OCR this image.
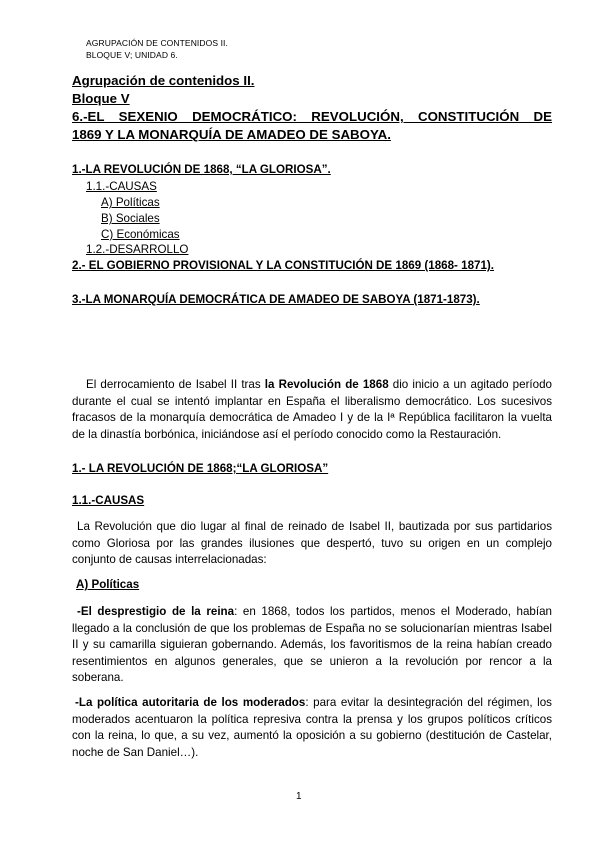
AGRUPACIÓN DE CONTENIDOS II.
BLOQUE V; UNIDAD 6.
Agrupación de contenidos II.
Bloque V
6.-EL SEXENIO DEMOCRÁTICO: REVOLUCIÓN, CONSTITUCIÓN DE
1869 Y LA MONARQUÍA DE AMADEO DE SABOYA.
1.-LA REVOLUCIÓN DE 1868, “LA GLORIOSA”.
1.1.-CAUSAS
A) Políticas
B) Sociales
C) Económicas
1.2.-DESARROLLO
2.- EL GOBIERNO PROVISIONAL Y LA CONSTITUCIÓN DE 1869 (1868- 1871).
3.-LA MONARQUÍA DEMOCRÁTICA DE AMADEO DE SABOYA (1871-1873).
El derrocamiento de Isabel II tras la Revolución de 1868 dio inicio a un agitado período durante el cual se intentó implantar en España el liberalismo democrático. Los sucesivos fracasos de la monarquía democrática de Amadeo I y de la Iª República facilitaron la vuelta de la dinastía borbónica, iniciándose así el período conocido como la Restauración.
1.- LA REVOLUCIÓN DE 1868;“LA GLORIOSA”
1.1.-CAUSAS
La Revolución que dio lugar al final de reinado de Isabel II, bautizada por sus partidarios como Gloriosa por las grandes ilusiones que despertó, tuvo su origen en un complejo conjunto de causas interrelacionadas:
A) Políticas
-El desprestigio de la reina: en 1868, todos los partidos, menos el Moderado, habían llegado a la conclusión de que los problemas de España no se solucionarían mientras Isabel II y su camarilla siguieran gobernando. Además, los favoritismos de la reina habían creado resentimientos en algunos generales, que se unieron a la revolución por rencor a la soberana.
-La política autoritaria de los moderados: para evitar la desintegración del régimen, los moderados acentuaron la política represiva contra la prensa y los grupos políticos críticos con la reina, lo que, a su vez, aumentó la oposición a su gobierno (destitución de Castelar, noche de San Daniel…).
1
